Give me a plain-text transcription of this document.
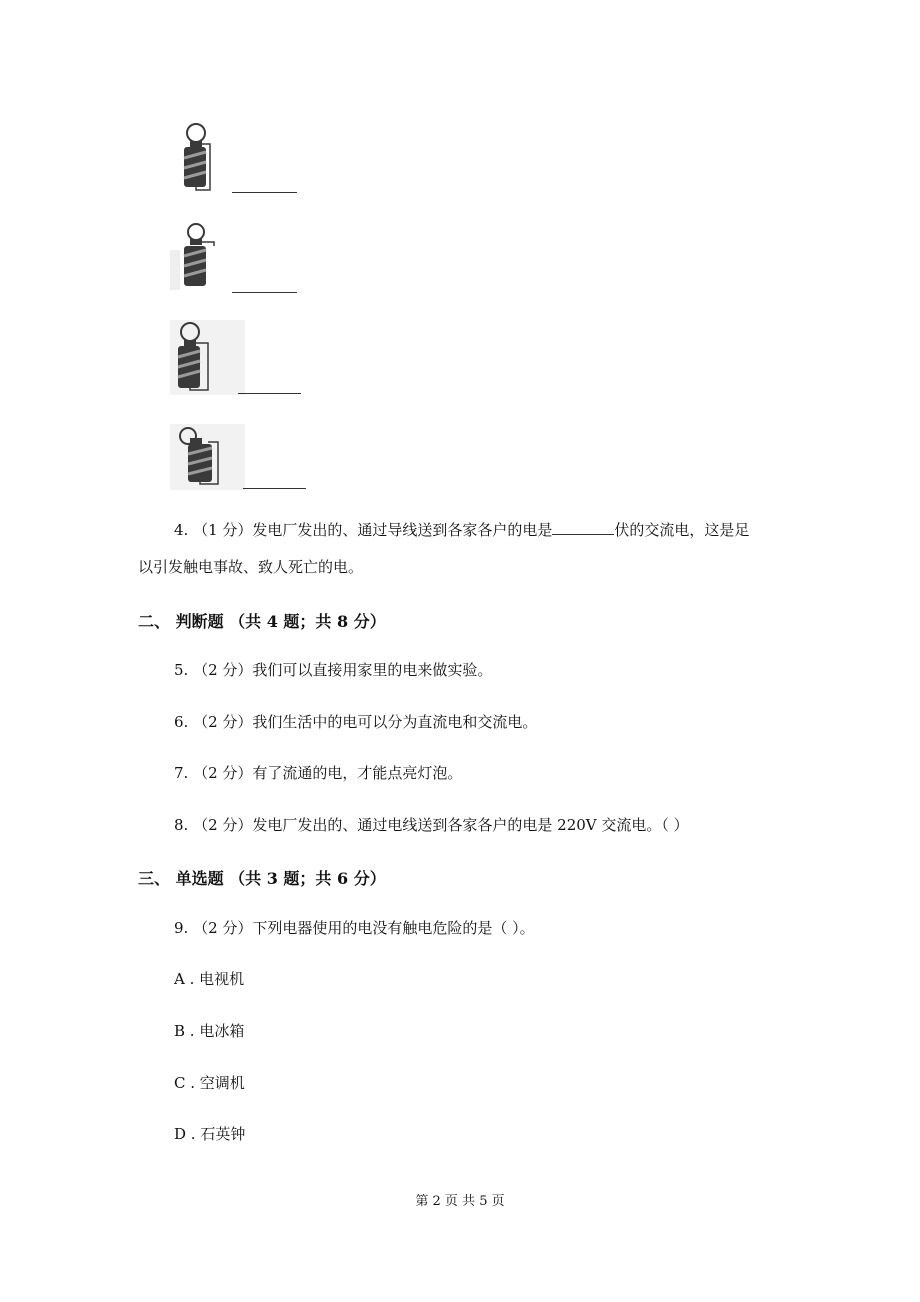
4. （1 分）发电厂发出的、通过导线送到各家各户的电是	伏的交流电，这是足
以引发触电事故、致人死亡的电。
二、 判断题 （共 4 题；共 8 分）
5. （2 分）我们可以直接用家里的电来做实验。
6. （2 分）我们生活中的电可以分为直流电和交流电。
7. （2 分）有了流通的电，才能点亮灯泡。
8. （2 分）发电厂发出的、通过电线送到各家各户的电是 220V 交流电。（ ）
三、 单选题 （共 3 题；共 6 分）
9. （2 分）下列电器使用的电没有触电危险的是（ ）。
A . 电视机
B . 电冰箱
C . 空调机
D . 石英钟
第 2 页 共 5 页
